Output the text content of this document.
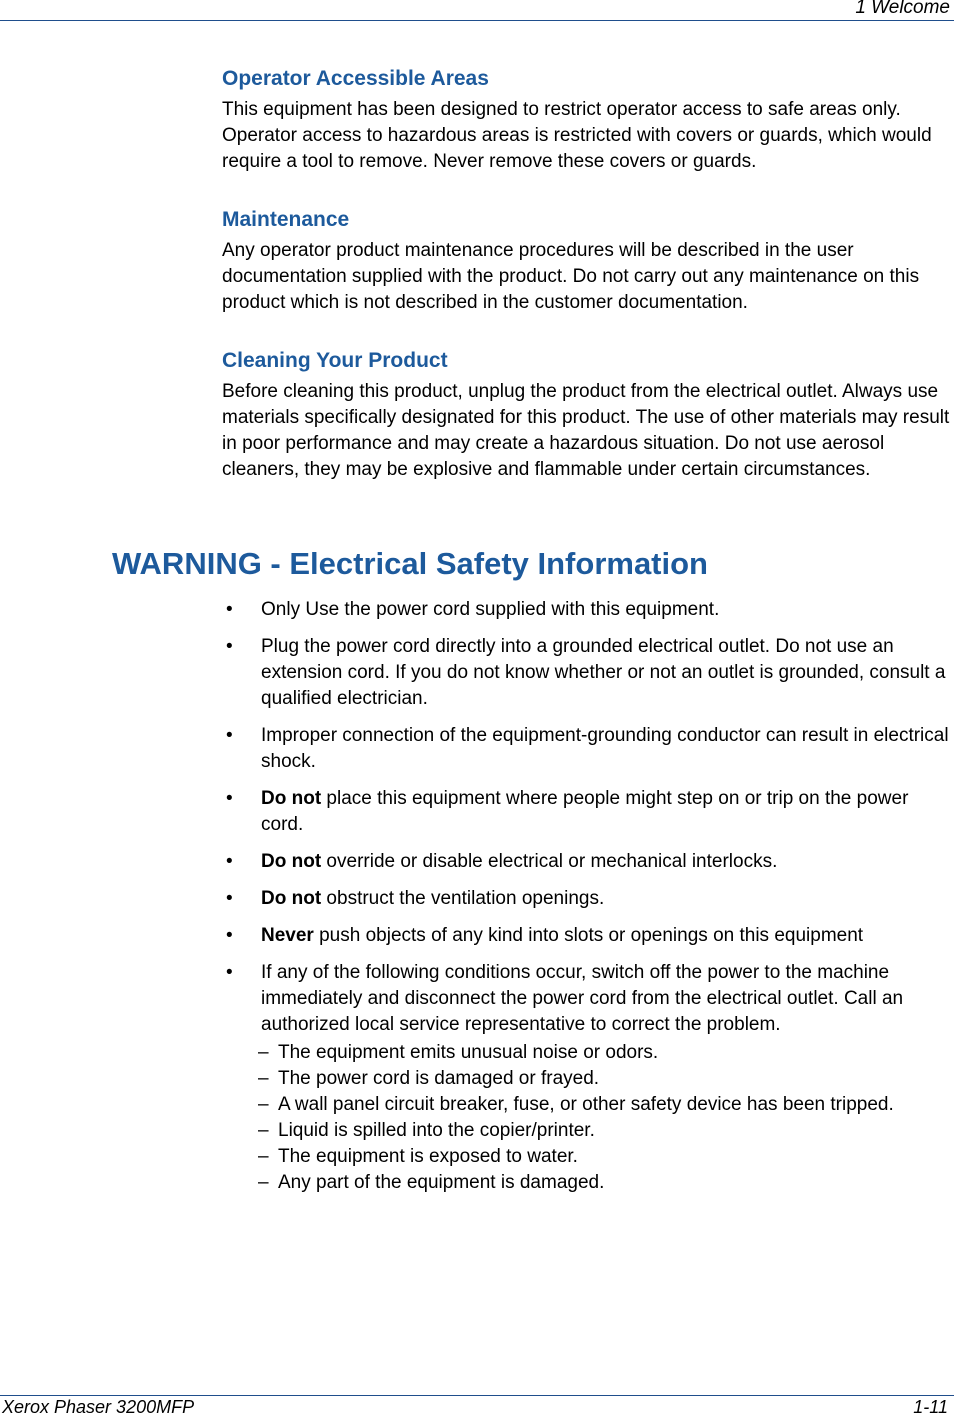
1 Welcome
Operator Accessible Areas
This equipment has been designed to restrict operator access to safe areas only. Operator access to hazardous areas is restricted with covers or guards, which would require a tool to remove. Never remove these covers or guards.
Maintenance
Any operator product maintenance procedures will be described in the user documentation supplied with the product. Do not carry out any maintenance on this product which is not described in the customer documentation.
Cleaning Your Product
Before cleaning this product, unplug the product from the electrical outlet. Always use materials specifically designated for this product. The use of other materials may result in poor performance and may create a hazardous situation. Do not use aerosol cleaners, they may be explosive and flammable under certain circumstances.
WARNING - Electrical Safety Information
• Only Use the power cord supplied with this equipment.
• Plug the power cord directly into a grounded electrical outlet. Do not use an extension cord. If you do not know whether or not an outlet is grounded, consult a qualified electrician.
• Improper connection of the equipment-grounding conductor can result in electrical shock.
• Do not place this equipment where people might step on or trip on the power cord.
• Do not override or disable electrical or mechanical interlocks.
• Do not obstruct the ventilation openings.
• Never push objects of any kind into slots or openings on this equipment
• If any of the following conditions occur, switch off the power to the machine immediately and disconnect the power cord from the electrical outlet. Call an authorized local service representative to correct the problem.
– The equipment emits unusual noise or odors.
– The power cord is damaged or frayed.
– A wall panel circuit breaker, fuse, or other safety device has been tripped.
– Liquid is spilled into the copier/printer.
– The equipment is exposed to water.
– Any part of the equipment is damaged.
Xerox Phaser 3200MFP	1-11
